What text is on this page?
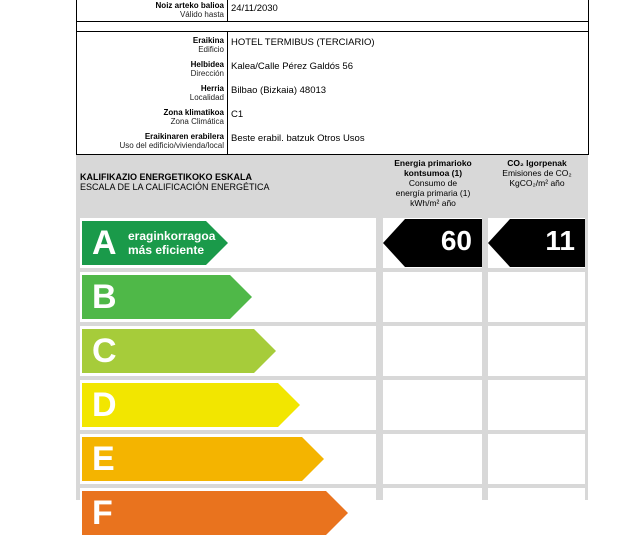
Noiz arteko balioa
Válido hasta
24/11/2030
Eraikina
Edificio
HOTEL TERMIBUS (TERCIARIO)
Helbidea
Dirección
Kalea/Calle Pérez Galdós 56
Herria
Localidad
Bilbao (Bizkaia) 48013
Zona klimatikoa
Zona Climática
C1
Eraikinaren erabilera
Uso del edificio/vivienda/local
Beste erabil. batzuk Otros Usos
KALIFIKAZIO ENERGETIKOKO ESKALA
ESCALA DE LA CALIFICACIÓN ENERGÉTICA
Energia primarioko
kontsumoa (1)
Consumo de
energía primaria (1)
kWh/m² año
CO₂ Igorpenak
Emisiones de CO₂
KgCO₂/m² año
A eraginkorragoa
más eficiente	60	11
B
C
D
E
F
